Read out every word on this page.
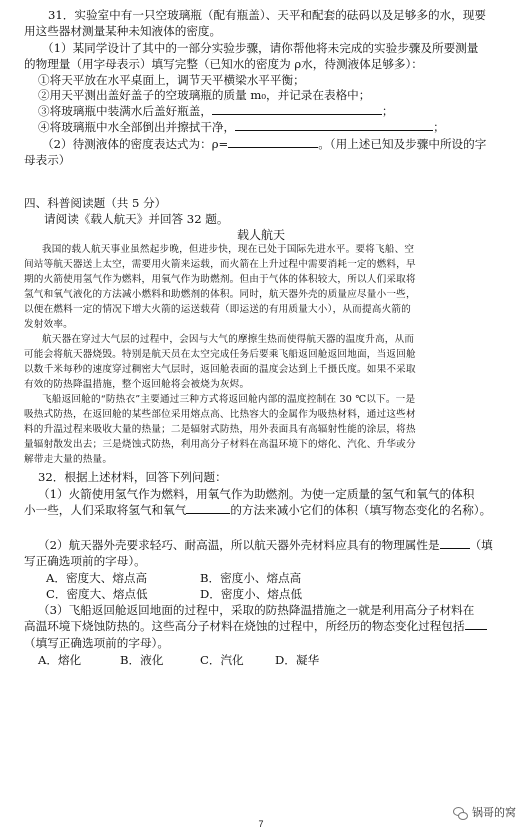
31．实验室中有一只空玻璃瓶（配有瓶盖）、天平和配套的砝码以及足够多的水，现要
用这些器材测量某种未知液体的密度。
（1）某同学设计了其中的一部分实验步骤，请你帮他将未完成的实验步骤及所要测量
的物理量（用字母表示）填写完整（已知水的密度为 ρ水，待测液体足够多）：
①将天平放在水平桌面上，调节天平横梁水平平衡；
②用天平测出盖好盖子的空玻璃瓶的质量 m₀，并记录在表格中；
③将玻璃瓶中装满水后盖好瓶盖，	；
④将玻璃瓶中水全部倒出并擦拭干净，	；
（2）待测液体的密度表达式为：ρ=	。（用上述已知及步骤中所设的字
母表示）
四、科普阅读题（共 5 分）
请阅读《载人航天》并回答 32 题。
载人航天
我国的载人航天事业虽然起步晚，但进步快，现在已处于国际先进水平。要将飞船、空
间站等航天器送上太空，需要用火箭来运载，而火箭在上升过程中需要消耗一定的燃料，早
期的火箭使用氢气作为燃料，用氧气作为助燃剂。但由于气体的体积较大，所以人们采取将
氢气和氧气液化的方法减小燃料和助燃剂的体积。同时，航天器外壳的质量应尽量小一些，
以便在燃料一定的情况下增大火箭的运送载荷（即运送的有用质量大小），从而提高火箭的
发射效率。
航天器在穿过大气层的过程中，会因与大气的摩擦生热而使得航天器的温度升高，从而
可能会将航天器烧毁。特别是航天员在太空完成任务后要乘飞船返回舱返回地面，当返回舱
以数千米每秒的速度穿过稠密大气层时，返回舱表面的温度会达到上千摄氏度。如果不采取
有效的防热降温措施，整个返回舱将会被烧为灰烬。
飞船返回舱的“防热衣”主要通过三种方式将返回舱内部的温度控制在 30 ℃以下。一是
吸热式防热，在返回舱的某些部位采用熔点高、比热容大的金属作为吸热材料，通过这些材
料的升温过程来吸收大量的热量；二是辐射式防热，用外表面具有高辐射性能的涂层，将热
量辐射散发出去；三是烧蚀式防热，利用高分子材料在高温环境下的熔化、汽化、升华或分
解带走大量的热量。
32．根据上述材料，回答下列问题：
（1）火箭使用氢气作为燃料，用氧气作为助燃剂。为使一定质量的氢气和氧气的体积
小一些，人们采取将氢气和氧气	的方法来减小它们的体积（填写物态变化的名称）。
（2）航天器外壳要求轻巧、耐高温，所以航天器外壳材料应具有的物理属性是	（填
写正确选项前的字母）。
A．密度大、熔点高	B．密度小、熔点高
C．密度大、熔点低	D．密度小、熔点低
（3）飞船返回舱返回地面的过程中，采取的防热降温措施之一就是利用高分子材料在
高温环境下烧蚀防热的。这些高分子材料在烧蚀的过程中，所经历的物态变化过程包括
（填写正确选项前的字母）。
A．熔化	B．液化	C．汽化	D．凝华
锅哥的窝
7
